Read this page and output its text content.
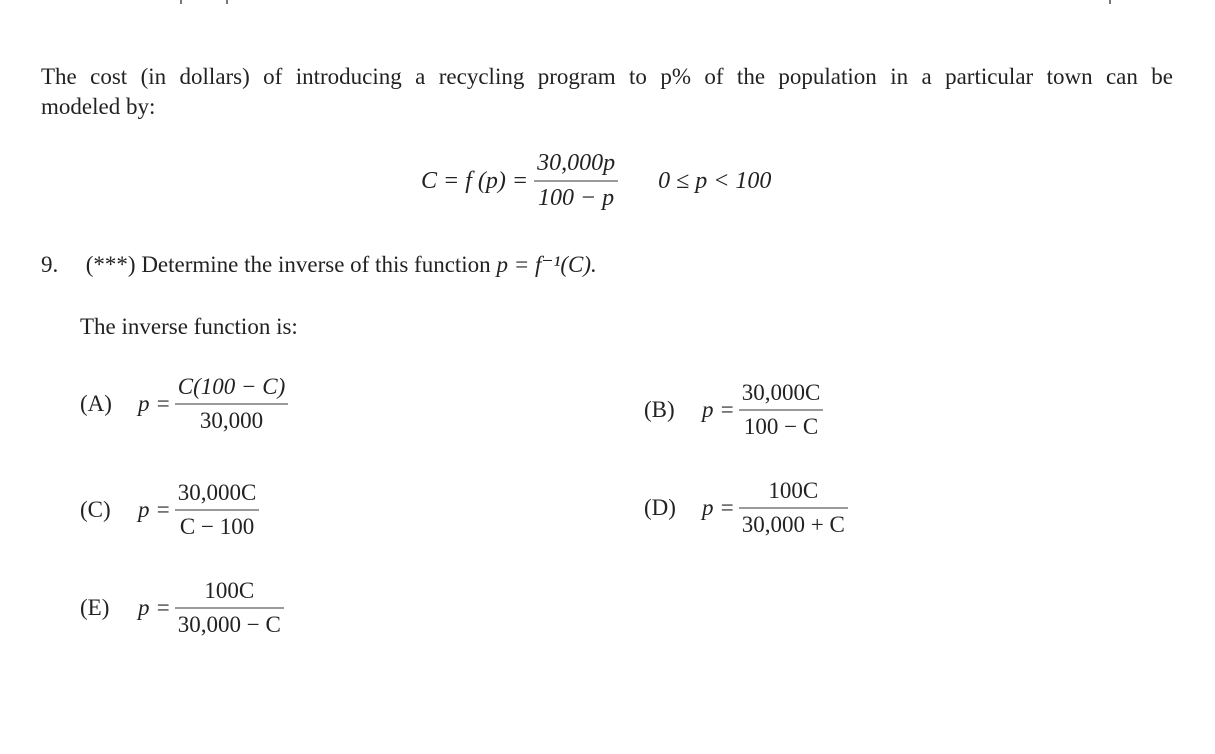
The cost (in dollars) of introducing a recycling program to p% of the population in a particular town can be
modeled by:
C = f $(p) = \frac{30,000p}{100 - p} 0 \le p < 100$
9. (***) Determine the inverse of this function p = f⁻¹(C).
The inverse function is:
(A)	$p = \frac{C(100 - C)}{30,000}$	(B)	$p = \frac{30,000C}{100 - C}$
(C)	$p = \frac{30,000C}{C - 100}$	(D)	$p = \frac{100C}{30,000 + C}$
(E)	$p = \frac{100C}{30,000 - C}$
